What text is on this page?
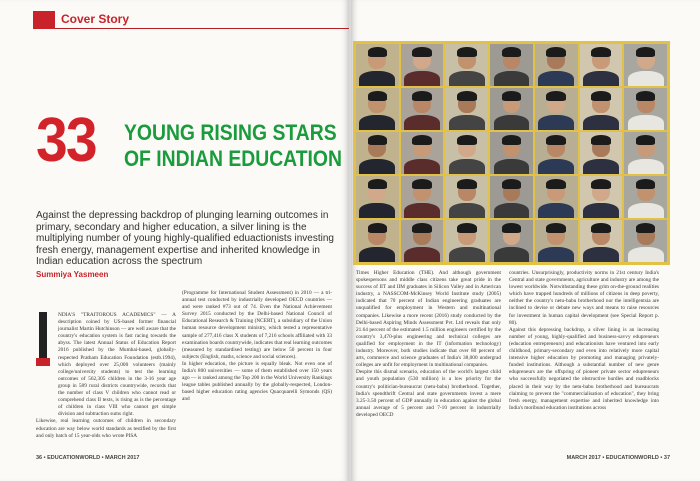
Cover Story
33 YOUNG RISING STARS
OF INDIAN EDUCATION
Against the depressing backdrop of plunging learning outcomes in primary, secondary and higher education, a silver lining is the multiplying number of young highly-qualified eduactionists investing fresh energy, management expertise and inherited knowledge in Indian education across the spectrum
Summiya Yasmeen

NDIA'S "TRAITOROUS ACADEMICS" — A description coined by US-based former financial journalist Martin Hutchinson — are well aware that the country's education system is fast racing towards the abyss. The latest Annual Status of Education Report 2016 published by the Mumbai-based, globally-respected Pratham Education Foundation (estb.1994), which deployed over 25,000 volunteers (mainly college/university students) to test the learning outcomes of 562,305 children in the 3-16 year age group in 589 rural districts countrywide, records that the number of class V children who cannot read or comprehend class II texts, is rising as is the percentage of children in class VIII who cannot get simple division and subtraction sums right.

Likewise, real learning outcomes of children in secondary education are way below world standards as testified by the first and only batch of 15 year-olds who wrote PISA

(Programme for International Student Assessment) in 2010 — a tri-annual test conducted by industrially developed OECD countries — and were ranked #73 out of 74. Even the National Achievement Survey 2015 conducted by the Delhi-based National Council of Educational Research & Training (NCERT), a subsidiary of the Union human resource development ministry, which tested a representative sample of 277,416 class X students of 7,216 schools affiliated with 33 examination boards countrywide, indicates that real learning outcomes (measured by standardised testing) are below 50 percent in four subjects (English, maths, science and social sciences).

In higher education, the picture is equally bleak. Not even one of India's 800 universities — some of them established over 150 years ago — is ranked among the Top 200 in the World University Rankings league tables published annually by the globally-respected, London-based higher education rating agencies Quacquarelli Symonds (QS) and

36 • EDUCATIONWORLD • MARCH 2017	MARCH 2017 • EDUCATIONWORLD • 37

Times Higher Education (THE). And although government spokespersons and middle class citizens take great pride in the success of IIT and IIM graduates in Silicon Valley and in American industry, a NASSCOM-McKinsey World Institute study (2005) indicated that 70 percent of Indian engineering graduates are unqualified for employment in Western and multinational companies. Likewise a more recent (2016) study conducted by the Delhi-based Aspiring Minds Assessment Pvt. Ltd reveals that only 21.64 percent of the estimated 1.5 million engineers certified by the country's 3,470-plus engineering and technical colleges are qualified for employment in the IT (information technology) industry. Moreover, both studies indicate that over 80 percent of arts, commerce and science graduates of India's 38,000 undergrad colleges are unfit for employment in multinational companies.

Despite this dismal scenario, education of the world's largest child and youth population (530 million) is a low priority for the country's politician-bureaucrat (netu-babu) brotherhood. Together, India's spendthrift Central and state governments invest a mere 3.25-3.50 percent of GDP annually in education against the global annual average of 5 percent and 7-10 percent in industrially developed OECD

countries. Unsurprisingly, productivity norms in 21st century India's Central and state governments, agriculture and industry are among the lowest worldwide. Notwithstanding these grim on-the-ground realities which have trapped hundreds of millions of citizens in deep poverty, neither the country's netu-babu brotherhood nor the intelligentsia are inclined to devise or debate new ways and means to raise resources for investment in human capital development (see Special Report p. 80).

Against this depressing backdrop, a silver lining is an increasing number of young, highly-qualified and business-savvy edupreneurs (education entrepreneurs) and educationists have ventured into early childhood, primary-secondary and even into relatively more capital intensive higher education by promoting and managing privately-funded institutions. Although a substantial number of new genre edupreneurs are the offspring of pioneer private sector edupreneurs who successfully negotiated the obstructive hurdles and roadblocks placed in their way by the netu-babu brotherhood and bureaucrats claiming to prevent the "commercialisation of education", they bring fresh energy, management expertise and inherited knowledge into India's moribund education institutions across
